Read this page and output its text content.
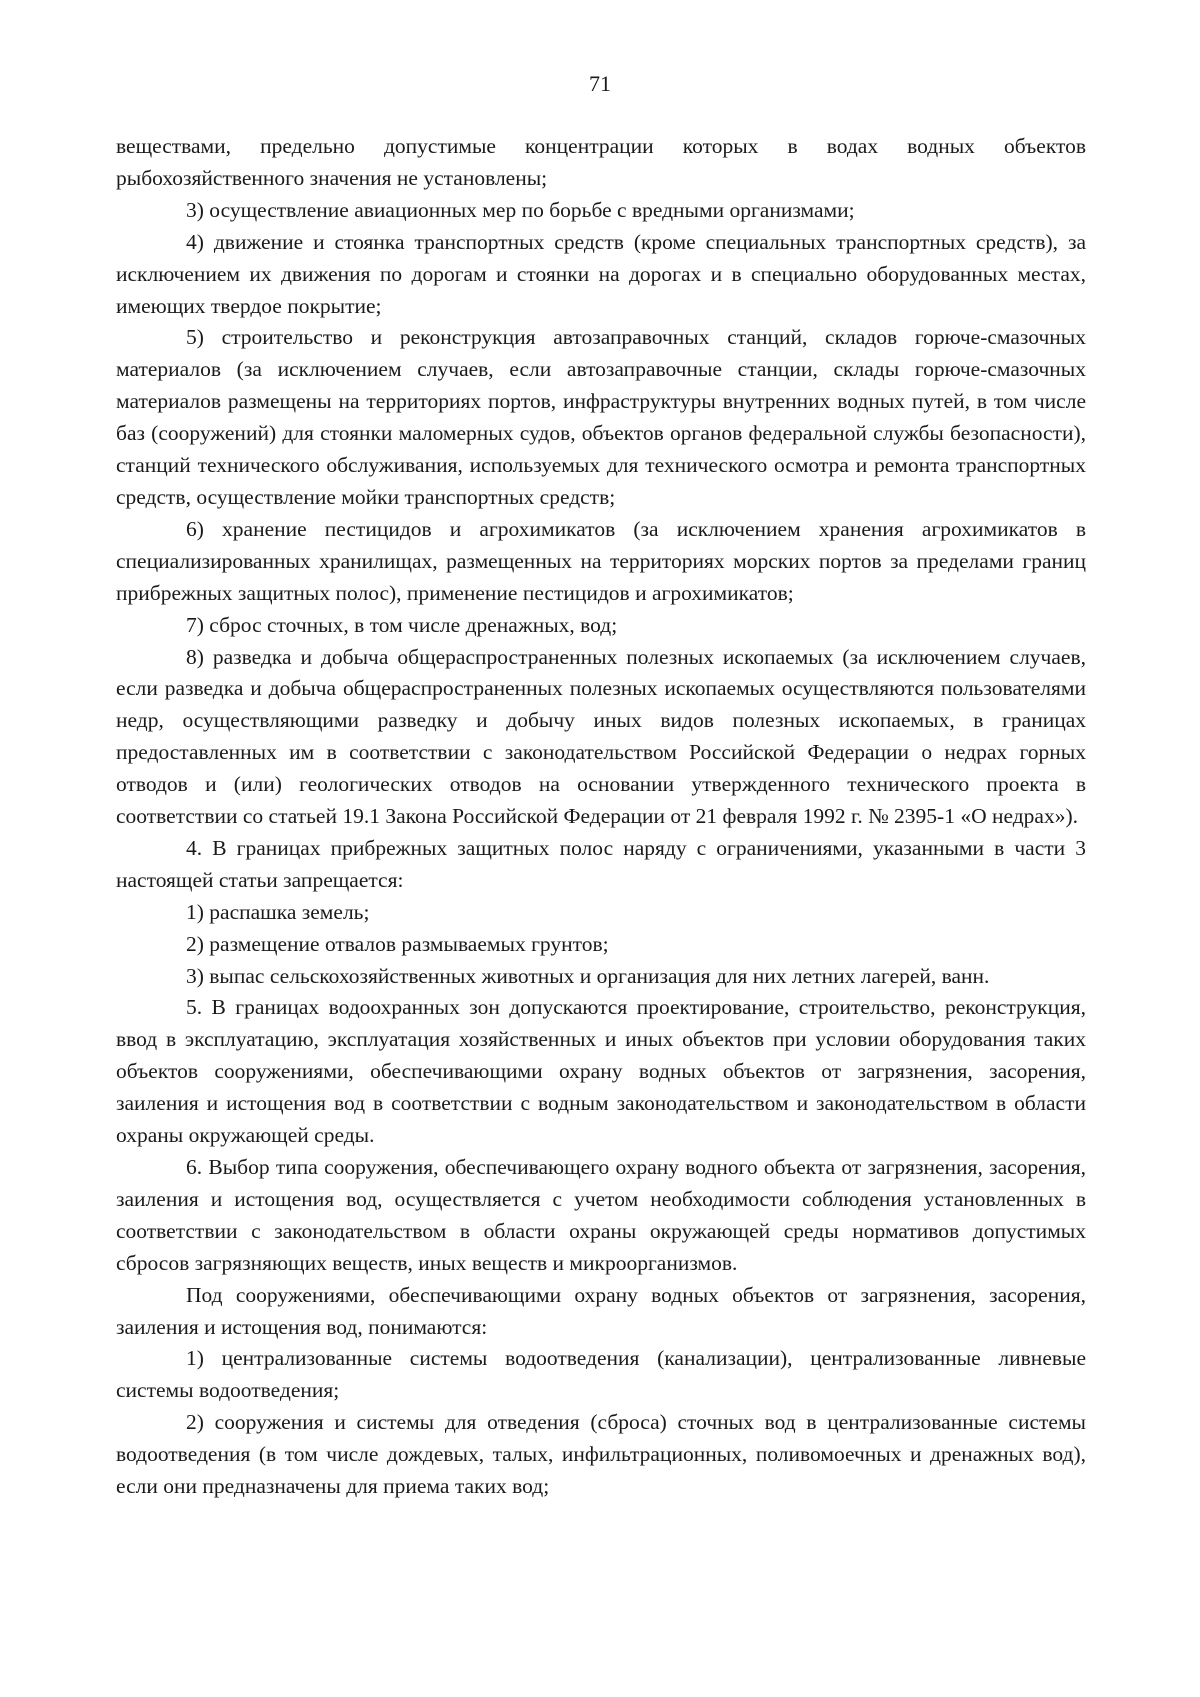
71

веществами, предельно допустимые концентрации которых в водах водных объектов рыбохозяйственного значения не установлены;

3) осуществление авиационных мер по борьбе с вредными организмами;

4) движение и стоянка транспортных средств (кроме специальных транспортных средств), за исключением их движения по дорогам и стоянки на дорогах и в специально оборудованных местах, имеющих твердое покрытие;

5) строительство и реконструкция автозаправочных станций, складов горюче-смазочных материалов (за исключением случаев, если автозаправочные станции, склады горюче-смазочных материалов размещены на территориях портов, инфраструктуры внутренних водных путей, в том числе баз (сооружений) для стоянки маломерных судов, объектов органов федеральной службы безопасности), станций технического обслуживания, используемых для технического осмотра и ремонта транспортных средств, осуществление мойки транспортных средств;

6) хранение пестицидов и агрохимикатов (за исключением хранения агрохимикатов в специализированных хранилищах, размещенных на территориях морских портов за пределами границ прибрежных защитных полос), применение пестицидов и агрохимикатов;

7) сброс сточных, в том числе дренажных, вод;

8) разведка и добыча общераспространенных полезных ископаемых (за исключением случаев, если разведка и добыча общераспространенных полезных ископаемых осуществляются пользователями недр, осуществляющими разведку и добычу иных видов полезных ископаемых, в границах предоставленных им в соответствии с законодательством Российской Федерации о недрах горных отводов и (или) геологических отводов на основании утвержденного технического проекта в соответствии со статьей 19.1 Закона Российской Федерации от 21 февраля 1992 г. № 2395-1 «О недрах»).

4. В границах прибрежных защитных полос наряду с ограничениями, указанными в части 3 настоящей статьи запрещается:

1) распашка земель;

2) размещение отвалов размываемых грунтов;

3) выпас сельскохозяйственных животных и организация для них летних лагерей, ванн.

5. В границах водоохранных зон допускаются проектирование, строительство, реконструкция, ввод в эксплуатацию, эксплуатация хозяйственных и иных объектов при условии оборудования таких объектов сооружениями, обеспечивающими охрану водных объектов от загрязнения, засорения, заиления и истощения вод в соответствии с водным законодательством и законодательством в области охраны окружающей среды.

6. Выбор типа сооружения, обеспечивающего охрану водного объекта от загрязнения, засорения, заиления и истощения вод, осуществляется с учетом необходимости соблюдения установленных в соответствии с законодательством в области охраны окружающей среды нормативов допустимых сбросов загрязняющих веществ, иных веществ и микроорганизмов.

Под сооружениями, обеспечивающими охрану водных объектов от загрязнения, засорения, заиления и истощения вод, понимаются:

1) централизованные системы водоотведения (канализации), централизованные ливневые системы водоотведения;

2) сооружения и системы для отведения (сброса) сточных вод в централизованные системы водоотведения (в том числе дождевых, талых, инфильтрационных, поливомоечных и дренажных вод), если они предназначены для приема таких вод;
